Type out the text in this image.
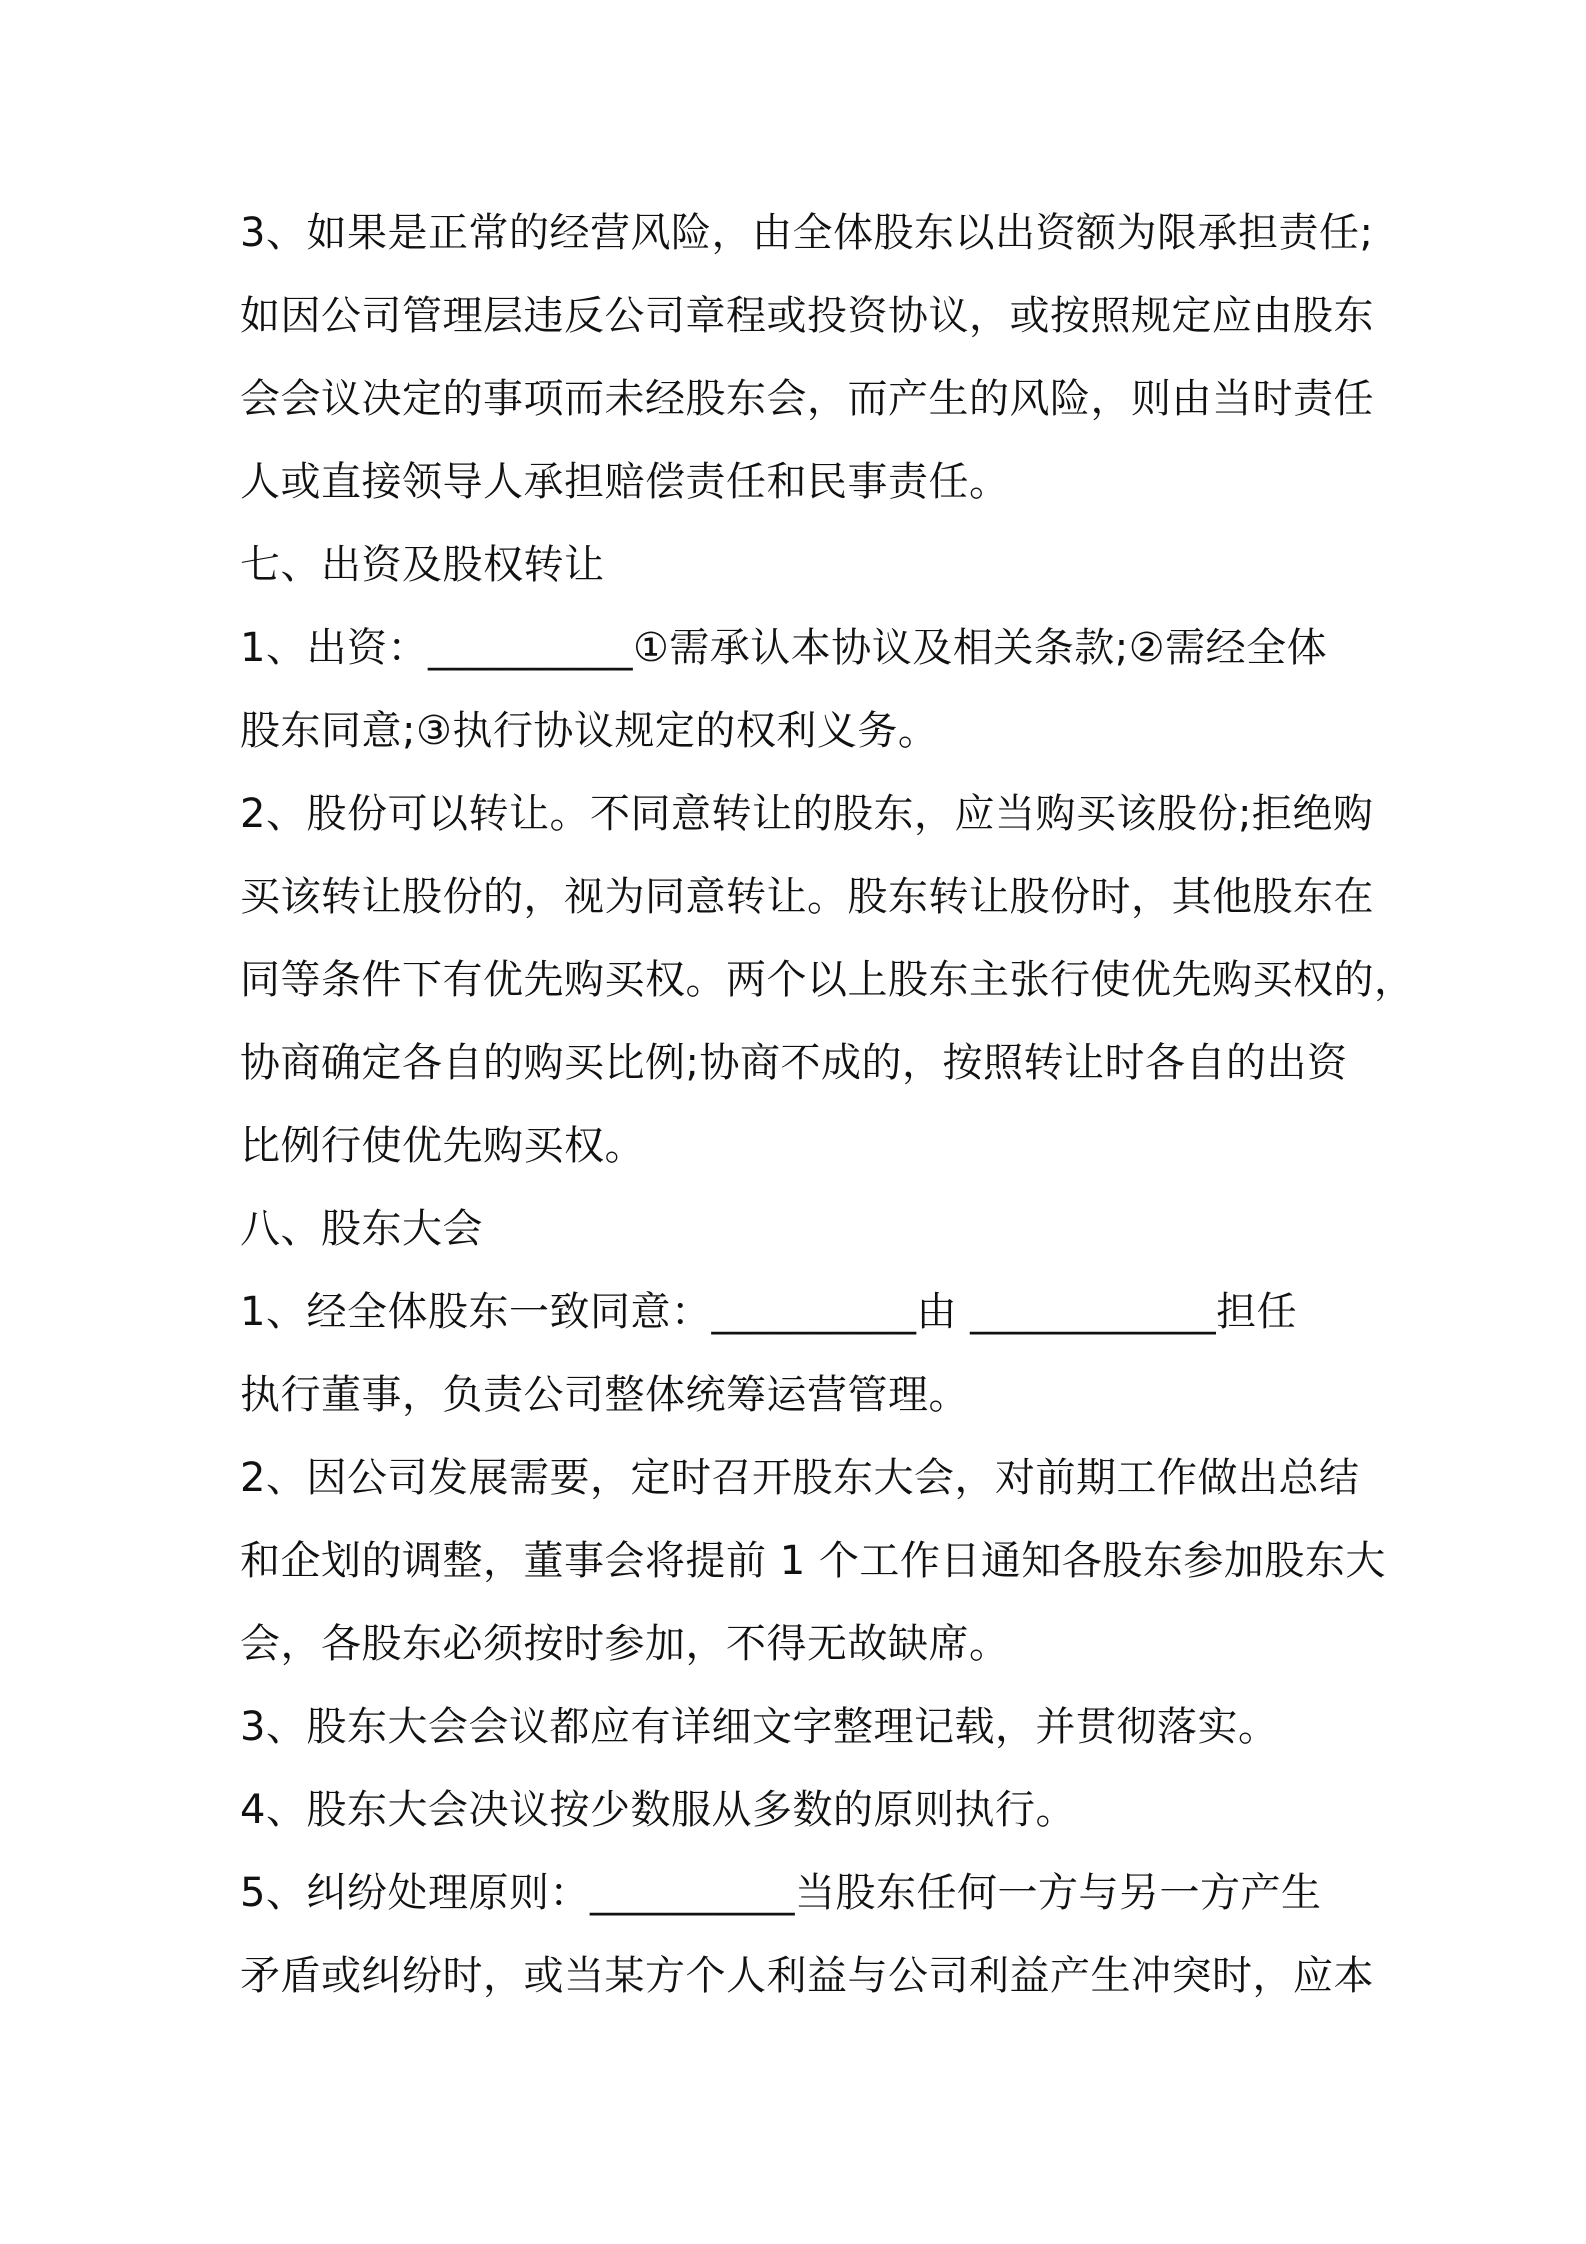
3、如果是正常的经营风险，由全体股东以出资额为限承担责任;
如因公司管理层违反公司章程或投资协议，或按照规定应由股东
会会议决定的事项而未经股东会，而产生的风险，则由当时责任
人或直接领导人承担赔偿责任和民事责任。
七、出资及股权转让
1、出资：__________①需承认本协议及相关条款;②需经全体
股东同意;③执行协议规定的权利义务。
2、股份可以转让。不同意转让的股东，应当购买该股份;拒绝购
买该转让股份的，视为同意转让。股东转让股份时，其他股东在
同等条件下有优先购买权。两个以上股东主张行使优先购买权的，
协商确定各自的购买比例;协商不成的，按照转让时各自的出资
比例行使优先购买权。
八、股东大会
1、经全体股东一致同意：__________由 ____________担任
执行董事，负责公司整体统筹运营管理。
2、因公司发展需要，定时召开股东大会，对前期工作做出总结
和企划的调整，董事会将提前 1 个工作日通知各股东参加股东大
会，各股东必须按时参加，不得无故缺席。
3、股东大会会议都应有详细文字整理记载，并贯彻落实。
4、股东大会决议按少数服从多数的原则执行。
5、纠纷处理原则：__________当股东任何一方与另一方产生
矛盾或纠纷时，或当某方个人利益与公司利益产生冲突时，应本
